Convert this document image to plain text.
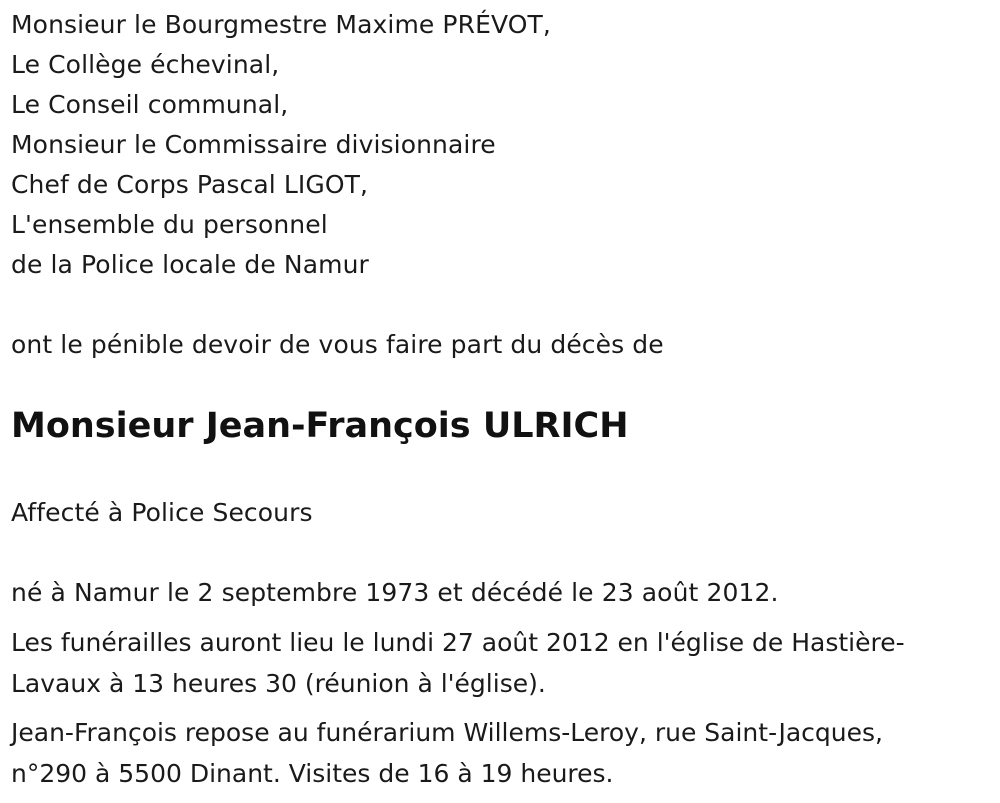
Monsieur le Bourgmestre Maxime PRÉVOT,
Le Collège échevinal,
Le Conseil communal,
Monsieur le Commissaire divisionnaire
Chef de Corps Pascal LIGOT,
L'ensemble du personnel
de la Police locale de Namur
ont le pénible devoir de vous faire part du décès de
Monsieur Jean-François ULRICH
Affecté à Police Secours
né à Namur le 2 septembre 1973 et décédé le 23 août 2012.
Les funérailles auront lieu le lundi 27 août 2012 en l'église de Hastière-
Lavaux à 13 heures 30 (réunion à l'église).
Jean-François repose au funérarium Willems-Leroy, rue Saint-Jacques,
n°290 à 5500 Dinant. Visites de 16 à 19 heures.
